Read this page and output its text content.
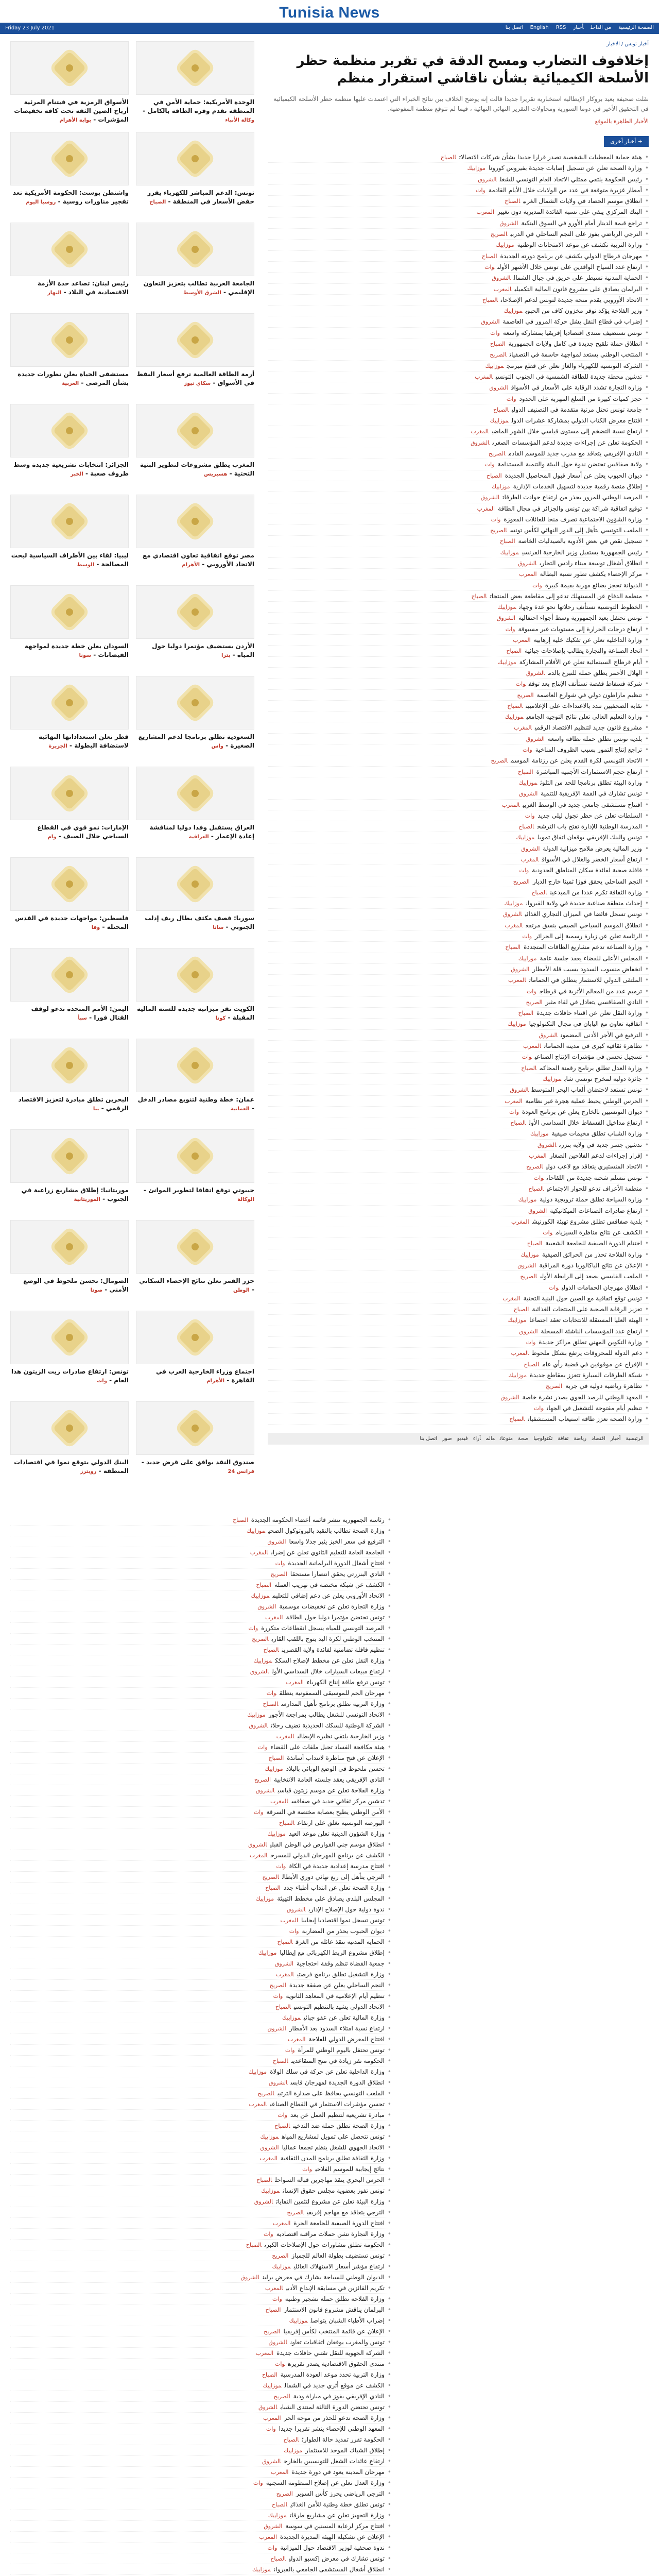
Tunisia News
Friday 23 July 2021	الصفحة الرئيسيةمن الداخلأخبارEnglish RSSاتصل بنا
الأسواق الرمزية في فيتنام المرئية أرباح الصين الثقة تحت كافة تخفيضات المؤشرات - بوابة الأهرام
الوحدة الأمريكية: حماية الأمن في المنطقة تقدم وفرة الطاقة بالكامل - وكالة الأنباء
واشنطن بوست: الحكومة الأمريكية تعد تفجير مناورات روسية - روسيا اليوم
تونس: الدعم المباشر للكهرباء يقرر خفض الأسعار في المنطقة - الصباح
رئيس لبنان: تصاعد حدة الأزمة الاقتصادية في البلاد - النهار
الجامعة العربية تطالب بتعزيز التعاون الإقليمي - الشرق الأوسط
مستشفى الحياة يعلن تطورات جديدة بشأن المرضى - العربية
أزمة الطاقة العالمية ترفع أسعار النفط في الأسواق - سكاي نيوز
الجزائر: انتخابات تشريعية جديدة وسط ظروف صعبة - الخبر
المغرب يطلق مشروعات لتطوير البنية التحتية - هسبريس
ليبيا: لقاء بين الأطراف السياسية لبحث المصالحة - الوسط
مصر توقع اتفاقية تعاون اقتصادي مع الاتحاد الأوروبي - الأهرام
السودان يعلن خطة جديدة لمواجهة الفيضانات - سونا
الأردن يستضيف مؤتمرا دوليا حول المياه - بترا
قطر تعلن استعداداتها النهائية لاستضافة البطولة - الجزيرة
السعودية تطلق برنامجا لدعم المشاريع الصغيرة - واس
الإمارات: نمو قوي في القطاع السياحي خلال الصيف - وام
العراق يستقبل وفدا دوليا لمناقشة إعادة الإعمار - العراقية
فلسطين: مواجهات جديدة في القدس المحتلة - وفا
سوريا: قصف مكثف يطال ريف إدلب الجنوبي - سانا
اليمن: الأمم المتحدة تدعو لوقف القتال فورا - سبأ
الكويت تقر ميزانية جديدة للسنة المالية المقبلة - كونا
البحرين تطلق مبادرة لتعزيز الاقتصاد الرقمي - بنا
عمان: خطة وطنية لتنويع مصادر الدخل - العمانية
موريتانيا: إطلاق مشاريع زراعية في الجنوب - الموريتانية
جيبوتي توقع اتفاقا لتطوير الموانئ - الوكالة
الصومال: تحسن ملحوظ في الوضع الأمني - صونا
جزر القمر تعلن نتائج الإحصاء السكاني - الوطن
تونس: ارتفاع صادرات زيت الزيتون هذا العام - وات
اجتماع وزراء الخارجية العرب في القاهرة - الأهرام
البنك الدولي يتوقع نموا في اقتصادات المنطقة - رويترز
صندوق النقد يوافق على قرض جديد - فرانس 24
أخبار تونس / الاخبار
إخلافوف التضارب ومسح الدقة في تقرير منظمة حظر الأسلحة الكيميائية بشأن ناقاشي استقرار منظم

نقلت صحيفة بعيد بروكار الإيطالية استخبارية تقريرا جديدا قالت إنه يوضح الخلاف بين نتائج الخبراء التي اعتمدت عليها منظمة حظر الأسلحة الكيميائية في التحقيق الأخير في دوما السورية ومحاولات التقرير النهائي النهائية ، فيما لم تتوقع منظمة المفوضية.

الأخبار الطاهرة بالموقع
+ أخبار أخرى
•هيئة حماية المعطيات الشخصية تصدر قرارا جديدا بشأن شركات الاتصالاتالصباح
•وزارة الصحة تعلن عن تسجيل إصابات جديدة بفيروس كوروناموزاييك
•رئيس الحكومة يلتقي ممثلي الاتحاد العام التونسي للشغلالشروق
•أمطار غزيرة متوقعة في عدد من الولايات خلال الأيام القادمةوات
•انطلاق موسم الحصاد في ولايات الشمال الغربيالصباح
•البنك المركزي يبقي على نسبة الفائدة المديرية دون تغييرالمغرب
•تراجع قيمة الدينار أمام الأورو في السوق البنكيةالشروق
•الترجي الرياضي يفوز على النجم الساحلي في الدربيالصريح
•وزارة التربية تكشف عن موعد الامتحانات الوطنيةموزاييك
•مهرجان قرطاج الدولي يكشف عن برنامج دورته الجديدةالصباح
•ارتفاع عدد السياح الوافدين على تونس خلال الأشهر الأولىوات
•الحماية المدنية تسيطر على حريق في جبال الشمالالشروق
•البرلمان يصادق على مشروع قانون المالية التكميليالمغرب
•الاتحاد الأوروبي يقدم منحة جديدة لتونس لدعم الإصلاحاتالصباح
•وزير الفلاحة يؤكد توفر مخزون كاف من الحبوبموزاييك
•إضراب في قطاع النقل يشل حركة المرور في العاصمةالشروق
•تونس تستضيف منتدى اقتصاديا إفريقيا بمشاركة واسعةوات
•انطلاق حملة تلقيح جديدة في كامل ولايات الجمهوريةالصباح
•المنتخب الوطني يستعد لمواجهة حاسمة في التصفياتالصريح
•الشركة التونسية للكهرباء والغاز تعلن عن قطع مبرمجموزاييك
•تدشين محطة جديدة للطاقة الشمسية في الجنوب التونسيالمغرب
•وزارة التجارة تشدد الرقابة على الأسعار في الأسواقالشروق
•حجز كميات كبيرة من السلع المهربة على الحدودوات
•جامعة تونس تحتل مرتبة متقدمة في التصنيف الدوليالصباح
•افتتاح معرض الكتاب الدولي بمشاركة عشرات الدولموزاييك
•ارتفاع نسبة التضخم إلى مستوى قياسي خلال الشهر الماضيالمغرب
•الحكومة تعلن عن إجراءات جديدة لدعم المؤسسات الصغرىالشروق
•النادي الإفريقي يتعاقد مع مدرب جديد للموسم القادمالصريح
•ولاية صفاقس تحتضن ندوة حول البيئة والتنمية المستدامةوات
•ديوان الحبوب يعلن عن أسعار قبول المحاصيل الجديدةالصباح
•إطلاق منصة رقمية جديدة لتسهيل الخدمات الإداريةموزاييك
•المرصد الوطني للمرور يحذر من ارتفاع حوادث الطرقاتالشروق
•توقيع اتفاقية شراكة بين تونس والجزائر في مجال الطاقةالمغرب
•وزارة الشؤون الاجتماعية تصرف منحا للعائلات المعوزةوات
•الملعب التونسي يتأهل إلى الدور النهائي لكأس تونسالصريح
•تسجيل نقص في بعض الأدوية بالصيدليات الخاصةالصباح
•رئيس الجمهورية يستقبل وزير الخارجية الفرنسيموزاييك
•انطلاق أشغال توسعة ميناء رادس التجاريالشروق
•مركز الإحصاء يكشف تطور نسبة البطالةالمغرب
•الديوانة تحجز بضائع مهربة بقيمة كبيرةوات
•منظمة الدفاع عن المستهلك تدعو إلى مقاطعة بعض المنتجاتالصباح
•الخطوط التونسية تستأنف رحلاتها نحو عدة وجهاتموزاييك
•تونس تحتفل بعيد الجمهورية وسط أجواء احتفاليةالشروق
•ارتفاع درجات الحرارة إلى مستويات غير مسبوقةوات
•وزارة الداخلية تعلن عن تفكيك خلية إرهابيةالمغرب
•اتحاد الصناعة والتجارة يطالب بإصلاحات جبائيةالصباح
•أيام قرطاج السينمائية تعلن عن الأفلام المشاركةموزاييك
•الهلال الأحمر يطلق حملة للتبرع بالدمالشروق
•شركة فسفاط قفصة تستأنف الإنتاج بعد توقفوات
•تنظيم ماراطون دولي في شوارع العاصمةالصريح
•نقابة الصحفيين تندد بالاعتداءات على الإعلاميينالصباح
•وزارة التعليم العالي تعلن نتائج التوجيه الجامعيموزاييك
•مشروع قانون جديد لتنظيم الاقتصاد الرقميالمغرب
•بلدية تونس تطلق حملة نظافة واسعةالشروق
•تراجع إنتاج التمور بسبب الظروف المناخيةوات
•الاتحاد التونسي لكرة القدم يعلن عن رزنامة الموسمالصريح
•ارتفاع حجم الاستثمارات الأجنبية المباشرةالصباح
•وزارة البيئة تطلق برنامجا للحد من التلوثموزاييك
•تونس تشارك في القمة الإفريقية للتنميةالشروق
•افتتاح مستشفى جامعي جديد في الوسط الغربيالمغرب
•السلطات تعلن عن حظر تجول ليلي جديدوات
•المدرسة الوطنية للإدارة تفتح باب الترشحالصباح
•تونس والبنك الإفريقي يوقعان اتفاق تمويلموزاييك
•وزير المالية يعرض ملامح ميزانية الدولةالشروق
•ارتفاع أسعار الخضر والغلال في الأسواقالمغرب
•قافلة صحية لفائدة سكان المناطق الحدوديةوات
•النجم الساحلي يحقق فوزا ثمينا خارج الديارالصريح
•وزارة الثقافة تكرم عددا من المبدعينالصباح
•إحداث منطقة صناعية جديدة في ولاية القيروانموزاييك
•تونس تسجل فائضا في الميزان التجاري الغذائيالشروق
•انطلاق الموسم السياحي الصيفي بنسق مرتفعالمغرب
•الرئاسة تعلن عن زيارة رسمية إلى الجزائروات
•وزارة الصناعة تدعم مشاريع الطاقات المتجددةالصباح
•المجلس الأعلى للقضاء يعقد جلسة عامةموزاييك
•انخفاض منسوب السدود بسبب قلة الأمطارالشروق
•الملتقى الدولي للاستثمار ينطلق في الحماماتالمغرب
•ترميم عدد من المعالم الأثرية في قرطاجوات
•النادي الصفاقسي يتعادل في لقاء مثيرالصريح
•وزارة النقل تعلن عن اقتناء حافلات جديدةالصباح
•اتفاقية تعاون مع اليابان في مجال التكنولوجياموزاييك
•الترفيع في الأجر الأدنى المضمونالشروق
•تظاهرة ثقافية كبرى في مدينة الحماماتالمغرب
•تسجيل تحسن في مؤشرات الإنتاج الصناعيوات
•وزارة العدل تطلق برنامج رقمنة المحاكمالصباح
•جائزة دولية لمخرج تونسي شابموزاييك
•تونس تستعد لاحتضان ألعاب البحر المتوسطالشروق
•الحرس الوطني يحبط عملية هجرة غير نظاميةالمغرب
•ديوان التونسيين بالخارج يعلن عن برنامج العودةوات
•ارتفاع مداخيل الفسفاط خلال السداسي الأولالصباح
•وزارة الشباب تطلق مخيمات صيفيةموزاييك
•تدشين جسر جديد في ولاية بنزرتالشروق
•إقرار إجراءات لدعم الفلاحين الصغارالمغرب
•الاتحاد المنستيري يتعاقد مع لاعب دوليالصريح
•تونس تتسلم شحنة جديدة من اللقاحاتوات
•منظمة الأعراف تدعو للحوار الاجتماعيالصباح
•وزارة السياحة تطلق حملة ترويجية دوليةموزاييك
•ارتفاع صادرات الصناعات الميكانيكيةالشروق
•بلدية صفاقس تطلق مشروع تهيئة الكورنيشالمغرب
•الكشف عن نتائج مناظرة السيزياموات
•اختتام الدورة الصيفية للجامعة الشعبيةالصباح
•وزارة الفلاحة تحذر من الحرائق الصيفيةموزاييك
•الإعلان عن نتائج الباكالوريا دورة المراقبةالشروق
•الملعب القابسي يصعد إلى الرابطة الأولىالصريح
•انطلاق مهرجان الحمامات الدوليوات
•تونس توقع اتفاقية مع الصين حول البنية التحتيةالمغرب
•تعزيز الرقابة الصحية على المنتجات الغذائيةالصباح
•الهيئة العليا المستقلة للانتخابات تعقد اجتماعاموزاييك
•ارتفاع عدد المؤسسات الناشئة المسجلةالشروق
•وزارة التكوين المهني تطلق مراكز جديدةوات
•دعم الدولة للمحروقات يرتفع بشكل ملحوظالمغرب
•الإفراج عن موقوفين في قضية رأي عامالصباح
•شبكة الطرقات السيارة تتعزز بمقاطع جديدةموزاييك
•تظاهرة رياضية دولية في جربةالصريح
•المعهد الوطني للرصد الجوي يصدر نشرة خاصةالشروق
•تنظيم أيام مفتوحة للتشغيل في الجهاتوات
•وزارة الصحة تعزز طاقة استيعاب المستشفياتالصباح
الرئيسيةأخباراقتصادرياضةثقافةتكنولوجياصحةمنوعاتعالمآراءفيديوصوراتصل بنا
•رئاسة الجمهورية تنشر قائمة أعضاء الحكومة الجديدةالصباح
•وزارة الصحة تطالب بالتقيد بالبروتوكول الصحيموزاييك
•الترفيع في سعر الخبز يثير جدلا واسعاالشروق
•الجامعة العامة للتعليم الثانوي تعلن عن إضرابالمغرب
•افتتاح أشغال الدورة البرلمانية الجديدةوات
•النادي البنزرتي يحقق انتصارا مستحقاالصريح
•الكشف عن شبكة مختصة في تهريب العملةالصباح
•الاتحاد الأوروبي يعلن عن دعم إضافي للتعليمموزاييك
•وزارة التجارة تعلن عن تخفيضات موسميةالشروق
•تونس تحتضن مؤتمرا دوليا حول الطاقةالمغرب
•المرصد التونسي للمياه يسجل انقطاعات متكررةوات
•المنتخب الوطني لكرة اليد يتوج باللقب القاريالصريح
•تنظيم قافلة تضامنية لفائدة ولاية القصرينالصباح
•وزارة النقل تعلن عن مخطط لإصلاح السككموزاييك
•ارتفاع مبيعات السيارات خلال السداسي الأولالشروق
•تونس ترفع طاقة إنتاج الكهرباءالمغرب
•مهرجان الجم للموسيقى السمفونية ينطلقوات
•وزارة التربية تطلق برنامج تأهيل المدارسالصباح
•الاتحاد التونسي للشغل يطالب بمراجعة الأجورموزاييك
•الشركة الوطنية للسكك الحديدية تضيف رحلاتالشروق
•وزير الخارجية يلتقي نظيره الإيطاليالمغرب
•هيئة مكافحة الفساد تحيل ملفات على القضاءوات
•الإعلان عن فتح مناظرة لانتداب أساتذةالصباح
•تحسن ملحوظ في الوضع الوبائي بالبلادموزاييك
•النادي الإفريقي يعقد جلسته العامة الانتخابيةالصريح
•وزارة الفلاحة تعلن عن موسم زيتون قياسيالشروق
•تدشين مركز ثقافي جديد في صفاقسالمغرب
•الأمن الوطني يطيح بعصابة مختصة في السرقةوات
•البورصة التونسية تغلق على ارتفاعالصباح
•وزارة الشؤون الدينية تعلن موعد العيدموزاييك
•انطلاق موسم جني القوارص في الوطن القبليالشروق
•الكشف عن برنامج المهرجان الدولي للمسرحالمغرب
•افتتاح مدرسة إعدادية جديدة في الكافوات
•الترجي يتأهل إلى ربع نهائي دوري الأبطالالصريح
•وزارة الصحة تعلن عن انتداب أطباء جددالصباح
•المجلس البلدي يصادق على مخطط التهيئةموزاييك
•ندوة دولية حول الإصلاح الإداريالشروق
•تونس تسجل نموا اقتصاديا إيجابياالمغرب
•ديوان الحبوب يحذر من المضاربةوات
•الحماية المدنية تنقذ عائلة من الغرقالصباح
•إطلاق مشروع الربط الكهربائي مع إيطالياموزاييك
•جمعية القضاة تنظم وقفة احتجاجيةالشروق
•وزارة التشغيل تطلق برنامج فرصتيالمغرب
•النجم الساحلي يعلن عن صفقة جديدةالصريح
•تنظيم أيام الإعلامية في المعاهد الثانويةوات
•الاتحاد الدولي يشيد بالتنظيم التونسيالصباح
•وزارة المالية تعلن عن عفو جبائيموزاييك
•ارتفاع نسبة امتلاء السدود بعد الأمطارالشروق
•افتتاح المعرض الدولي للفلاحةالمغرب
•تونس تحتفل باليوم الوطني للمرأةوات
•الحكومة تقر زيادة في منح المتقاعدينالصباح
•وزارة الداخلية تعلن عن حركة في سلك الولاةموزاييك
•انطلاق الدورة الجديدة لمهرجان قابسالشروق
•الملعب التونسي يحافظ على صدارة الترتيبالصريح
•تحسن مؤشرات الاستثمار في القطاع الصناعيالمغرب
•مبادرة تشريعية لتنظيم العمل عن بعدوات
•وزارة الصحة تطلق حملة ضد التدخينالصباح
•تونس تتحصل على تمويل لمشاريع المياهموزاييك
•الاتحاد الجهوي للشغل ينظم تجمعا عمالياالشروق
•وزارة الثقافة تطلق برنامج المدن الثقافيةالمغرب
•نتائج إيجابية للموسم الفلاحيوات
•الحرس البحري ينقذ مهاجرين قبالة السواحلالصباح
•تونس تفوز بعضوية مجلس حقوق الإنسانموزاييك
•وزارة البيئة تعلن عن مشروع لتثمين النفاياتالشروق
•الترجي يتعاقد مع مهاجم إفريقيالصريح
•افتتاح الدورة الصيفية للجامعة الحرةالمغرب
•وزارة التجارة تشن حملات مراقبة اقتصاديةوات
•الحكومة تطلق مشاورات حول الإصلاحات الكبرىالصباح
•تونس تستضيف بطولة العالم للجمبازالصريح
•ارتفاع مؤشر أسعار الاستهلاك العائليموزاييك
•الديوان الوطني للسياحة يشارك في معرض برلينالشروق
•تكريم الفائزين في مسابقة الإبداع الأدبيالمغرب
•وزارة الفلاحة تطلق حملة تشجير وطنيةوات
•البرلمان يناقش مشروع قانون الاستثمارالصباح
•إضراب الأطباء الشبان يتواصلموزاييك
•الإعلان عن قائمة المنتخب لكأس إفريقياالصريح
•تونس والمغرب يوقعان اتفاقيات تعاونالشروق
•الشركة الجهوية للنقل تقتني حافلات جديدةالمغرب
•منتدى الحقوق الاقتصادية يصدر تقريرهوات
•وزارة التربية تحدد موعد العودة المدرسيةالصباح
•الكشف عن موقع أثري جديد في الشمالموزاييك
•النادي الإفريقي يفوز في مباراة وديةالصريح
•تونس تحتضن الدورة الثالثة لمنتدى الشبابالشروق
•وزارة الصحة تدعو للحذر من موجة الحرالمغرب
•المعهد الوطني للإحصاء ينشر تقريرا جديداوات
•الحكومة تقرر تمديد حالة الطوارئالصباح
•إطلاق الشباك الموحد للاستثمارموزاييك
•ارتفاع عائدات الشغل للتونسيين بالخارجالشروق
•مهرجان المدينة يعود في دورة جديدةالمغرب
•وزارة العدل تعلن عن إصلاح المنظومة السجنيةوات
•الترجي الرياضي يحرز كأس السوبرالصريح
•تونس تطلق خطة وطنية للأمن الغذائيالصباح
•وزارة التجهيز تعلن عن مشاريع طرقاتموزاييك
•افتتاح مركز لرعاية المسنين في سوسةالشروق
•الإعلان عن تشكيلة الهيئة المديرة الجديدةالمغرب
•ندوة صحفية لوزير الاقتصاد حول الميزانيةوات
•تونس تشارك في معرض إكسبو الدوليالصباح
•انطلاق أشغال المستشفى الجامعي بالقيروانموزاييك
